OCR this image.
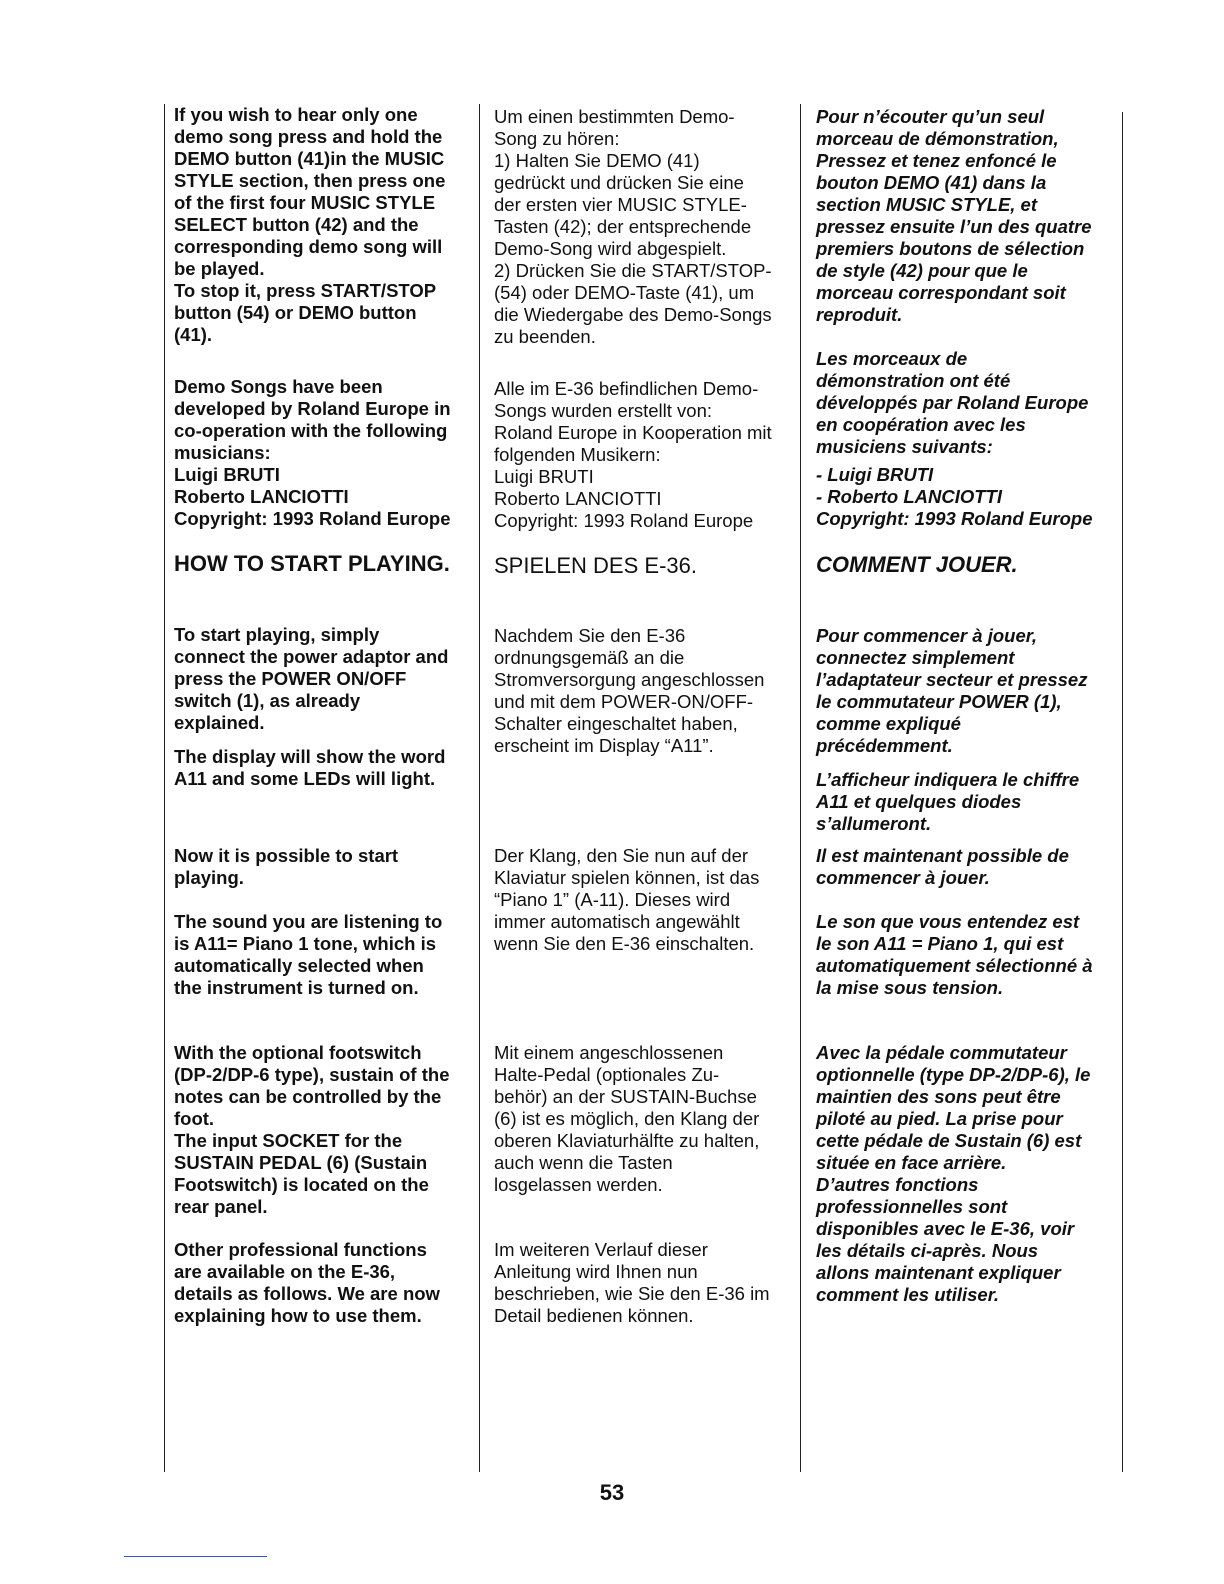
If you wish to hear only one
demo song press and hold the
DEMO button (41)in the MUSIC
STYLE section, then press one
of the first four MUSIC STYLE
SELECT button (42) and the
corresponding demo song will
be played.
To stop it, press START/STOP
button (54) or DEMO button
(41).

Demo Songs have been
developed by Roland Europe in
co-operation with the following
musicians:
Luigi BRUTI
Roberto LANCIOTTI
Copyright: 1993 Roland Europe

HOW TO START PLAYING.

To start playing, simply
connect the power adaptor and
press the POWER ON/OFF
switch (1), as already
explained.

The display will show the word
A11 and some LEDs will light.

Now it is possible to start
playing.

The sound you are listening to
is A11= Piano 1 tone, which is
automatically selected when
the instrument is turned on.

With the optional footswitch
(DP-2/DP-6 type), sustain of the
notes can be controlled by the
foot.
The input SOCKET for the
SUSTAIN PEDAL (6) (Sustain
Footswitch) is located on the
rear panel.

Other professional functions
are available on the E-36,
details as follows. We are now
explaining how to use them.

Um einen bestimmten Demo-
Song zu hören:
1) Halten Sie DEMO (41)
gedrückt und drücken Sie eine
der ersten vier MUSIC STYLE-
Tasten (42); der entsprechende
Demo-Song wird abgespielt.
2) Drücken Sie die START/STOP-
(54) oder DEMO-Taste (41), um
die Wiedergabe des Demo-Songs
zu beenden.

Alle im E-36 befindlichen Demo-
Songs wurden erstellt von:
Roland Europe in Kooperation mit
folgenden Musikern:
Luigi BRUTI
Roberto LANCIOTTI
Copyright: 1993 Roland Europe

SPIELEN DES E-36.

Nachdem Sie den E-36
ordnungsgemäß an die
Stromversorgung angeschlossen
und mit dem POWER-ON/OFF-
Schalter eingeschaltet haben,
erscheint im Display “A11”.

Der Klang, den Sie nun auf der
Klaviatur spielen können, ist das
“Piano 1” (A-11). Dieses wird
immer automatisch angewählt
wenn Sie den E-36 einschalten.

Mit einem angeschlossenen
Halte-Pedal (optionales Zu-
behör) an der SUSTAIN-Buchse
(6) ist es möglich, den Klang der
oberen Klaviaturhälfte zu halten,
auch wenn die Tasten
losgelassen werden.

Im weiteren Verlauf dieser
Anleitung wird Ihnen nun
beschrieben, wie Sie den E-36 im
Detail bedienen können.

Pour n’écouter qu’un seul
morceau de démonstration,
Pressez et tenez enfoncé le
bouton DEMO (41) dans la
section MUSIC STYLE, et
pressez ensuite l’un des quatre
premiers boutons de sélection
de style (42) pour que le
morceau correspondant soit
reproduit.

Les morceaux de
démonstration ont été
développés par Roland Europe
en coopération avec les
musiciens suivants:

- Luigi BRUTI
- Roberto LANCIOTTI
Copyright: 1993 Roland Europe

COMMENT JOUER.

Pour commencer à jouer,
connectez simplement
l’adaptateur secteur et pressez
le commutateur POWER (1),
comme expliqué
précédemment.

L’afficheur indiquera le chiffre
A11 et quelques diodes
s’allumeront.

Il est maintenant possible de
commencer à jouer.

Le son que vous entendez est
le son A11 = Piano 1, qui est
automatiquement sélectionné à
la mise sous tension.

Avec la pédale commutateur
optionnelle (type DP-2/DP-6), le
maintien des sons peut être
piloté au pied. La prise pour
cette pédale de Sustain (6) est
située en face arrière.
D’autres fonctions
professionnelles sont
disponibles avec le E-36, voir
les détails ci-après. Nous
allons maintenant expliquer
comment les utiliser.

53
